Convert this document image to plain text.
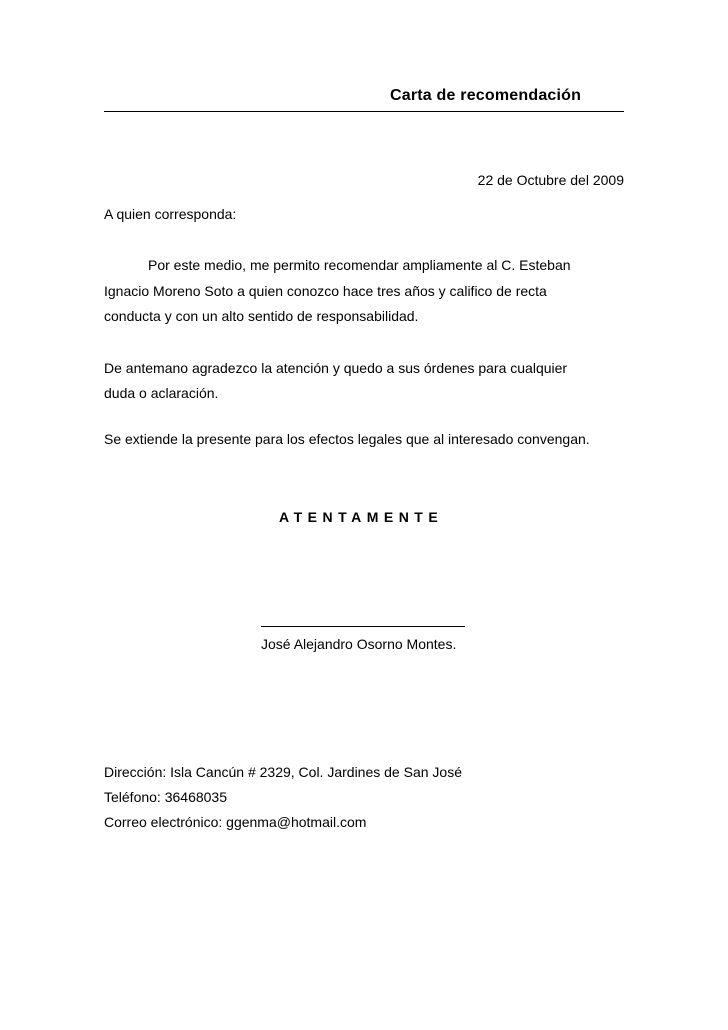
Carta de recomendación
22 de Octubre del 2009
A quien corresponda:
Por este medio, me permito recomendar ampliamente al C. Esteban
Ignacio Moreno Soto a quien conozco hace tres años y califico de recta
conducta y con un alto sentido de responsabilidad.
De antemano agradezco la atención y quedo a sus órdenes para cualquier
duda o aclaración.
Se extiende la presente para los efectos legales que al interesado convengan.
ATENTAMENTE
José Alejandro Osorno Montes.
Dirección: Isla Cancún # 2329, Col. Jardines de San José
Teléfono: 36468035
Correo electrónico: ggenma@hotmail.com
